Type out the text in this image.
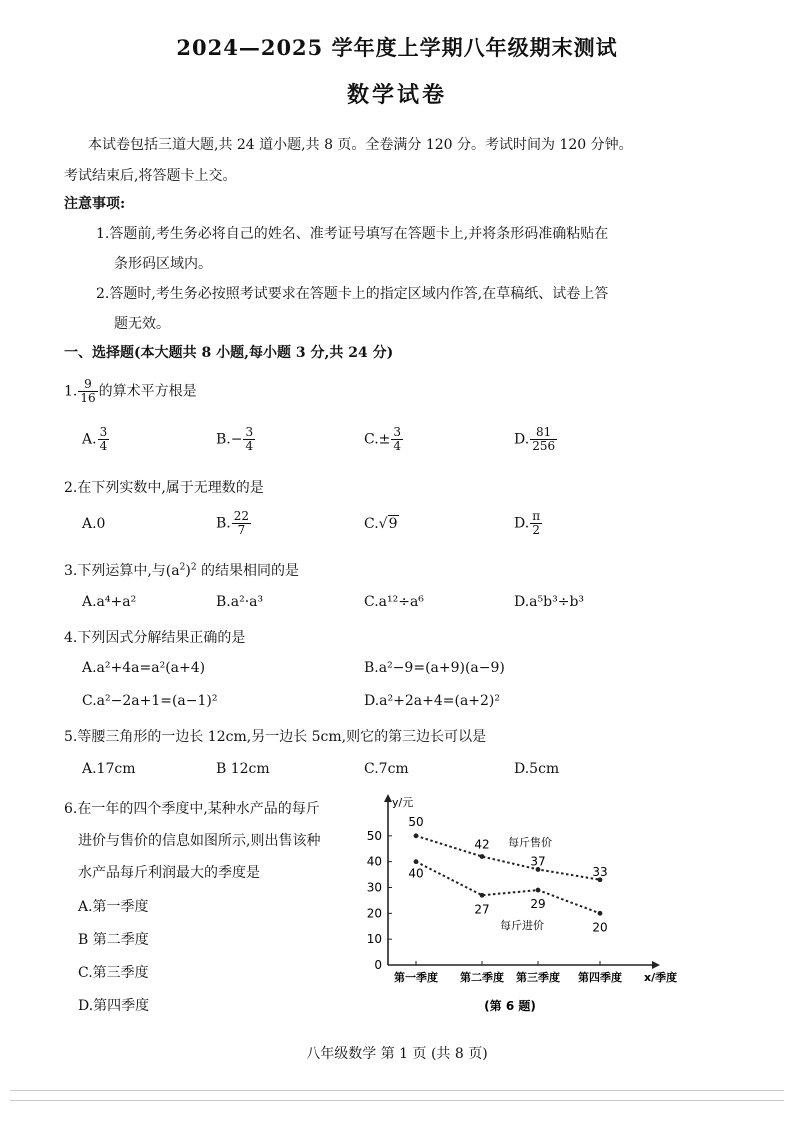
2024—2025 学年度上学期八年级期末测试
数学试卷
本试卷包括三道大题,共 24 道小题,共 8 页。全卷满分 120 分。考试时间为 120 分钟。
考试结束后,将答题卡上交。
注意事项:
1.答题前,考生务必将自己的姓名、准考证号填写在答题卡上,并将条形码准确粘贴在
条形码区域内。
2.答题时,考生务必按照考试要求在答题卡上的指定区域内作答,在草稿纸、试卷上答
题无效。
一、选择题(本大题共 8 小题,每小题 3 分,共 24 分)
1. $\frac{9}{16}$ 的算术平方根是
A. $\frac{3}{4}$	$B.- \frac{3}{4}$	$C.\pm \frac{3}{4}$	D. $\frac{81}{256}$
2.在下列实数中,属于无理数的是
A.0	B. $\frac{22}{7}$	C.√9	D. $\frac{\pi}{2}$
3.下列运算中,与$(a^2)^2$ 的结果相同的是
A.a⁴+a²	B.a²·a³	C.a¹²÷a⁶	D.a⁵b³÷b³
4.下列因式分解结果正确的是
A.a²+4a=a²(a+4)	B.a²−9=(a+9)(a−9)
C.a²−2a+1=(a−1)²	D.a²+2a+4=(a+2)²
5.等腰三角形的一边长 12cm,另一边长 5cm,则它的第三边长可以是
A.17cm	B 12cm	C.7cm	D.5cm
6.在一年的四个季度中,某种水产品的每斤
进价与售价的信息如图所示,则出售该种
水产品每斤利润最大的季度是
A.第一季度
B 第二季度
C.第三季度
D.第四季度
y/元
x/季度
0
10
20
30
40
50
第一季度 第二季度 第三季度 第四季度
50
42
37
33
40
27	29
20
每斤售价
每斤进价
(第 6 题)
八年级数学 第 1 页 (共 8 页)
